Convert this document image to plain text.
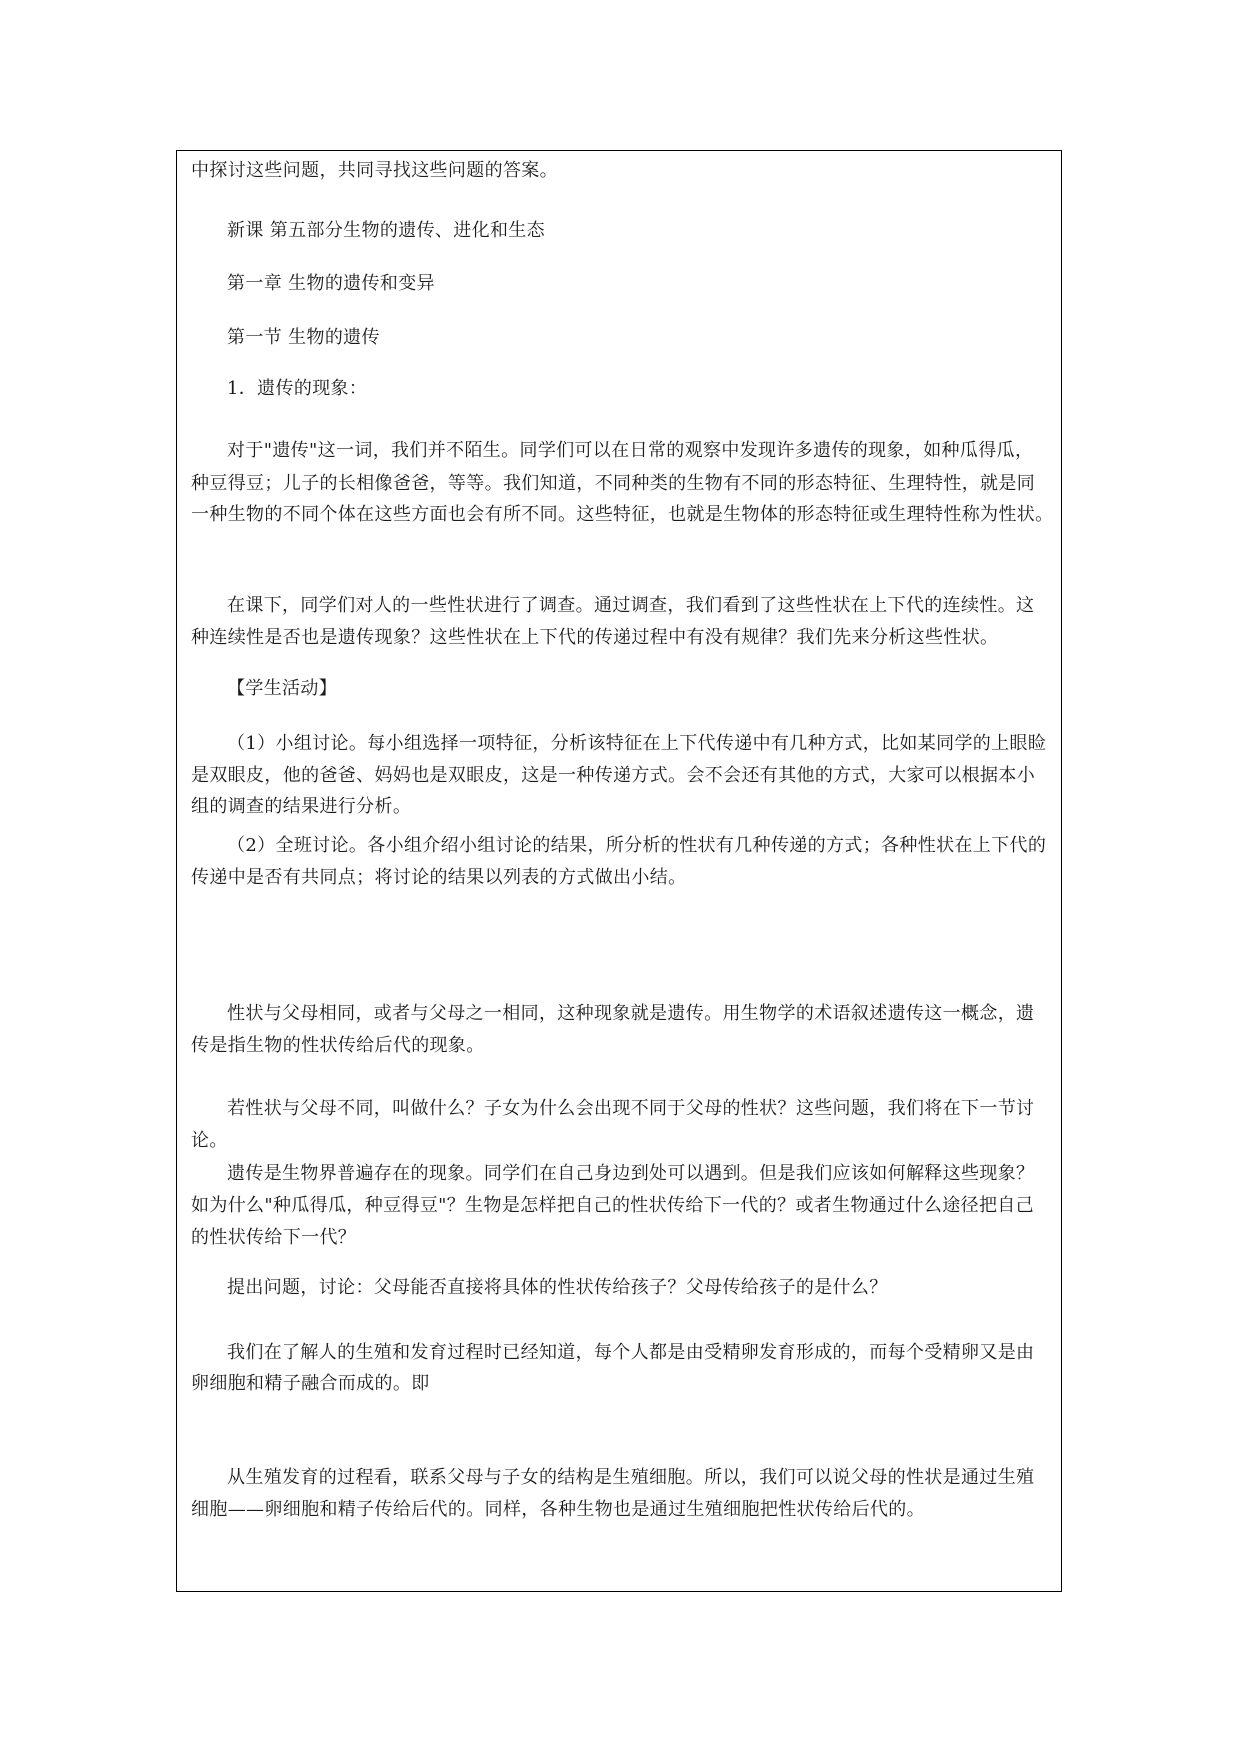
中探讨这些问题，共同寻找这些问题的答案。
新课 第五部分生物的遗传、进化和生态
第一章 生物的遗传和变异
第一节 生物的遗传
1．遗传的现象：
对于"遗传"这一词，我们并不陌生。同学们可以在日常的观察中发现许多遗传的现象，如种瓜得瓜，
种豆得豆；儿子的长相像爸爸，等等。我们知道，不同种类的生物有不同的形态特征、生理特性，就是同
一种生物的不同个体在这些方面也会有所不同。这些特征，也就是生物体的形态特征或生理特性称为性状。
在课下，同学们对人的一些性状进行了调查。通过调查，我们看到了这些性状在上下代的连续性。这
种连续性是否也是遗传现象？这些性状在上下代的传递过程中有没有规律？我们先来分析这些性状。
【学生活动】
（1）小组讨论。每小组选择一项特征，分析该特征在上下代传递中有几种方式，比如某同学的上眼睑
是双眼皮，他的爸爸、妈妈也是双眼皮，这是一种传递方式。会不会还有其他的方式，大家可以根据本小
组的调查的结果进行分析。
（2）全班讨论。各小组介绍小组讨论的结果，所分析的性状有几种传递的方式；各种性状在上下代的
传递中是否有共同点；将讨论的结果以列表的方式做出小结。
性状与父母相同，或者与父母之一相同，这种现象就是遗传。用生物学的术语叙述遗传这一概念，遗
传是指生物的性状传给后代的现象。
若性状与父母不同，叫做什么？子女为什么会出现不同于父母的性状？这些问题，我们将在下一节讨
论。
遗传是生物界普遍存在的现象。同学们在自己身边到处可以遇到。但是我们应该如何解释这些现象？
如为什么"种瓜得瓜，种豆得豆"？生物是怎样把自己的性状传给下一代的？或者生物通过什么途径把自己
的性状传给下一代？
提出问题，讨论：父母能否直接将具体的性状传给孩子？父母传给孩子的是什么？
我们在了解人的生殖和发育过程时已经知道，每个人都是由受精卵发育形成的，而每个受精卵又是由
卵细胞和精子融合而成的。即
从生殖发育的过程看，联系父母与子女的结构是生殖细胞。所以，我们可以说父母的性状是通过生殖
细胞——卵细胞和精子传给后代的。同样，各种生物也是通过生殖细胞把性状传给后代的。
